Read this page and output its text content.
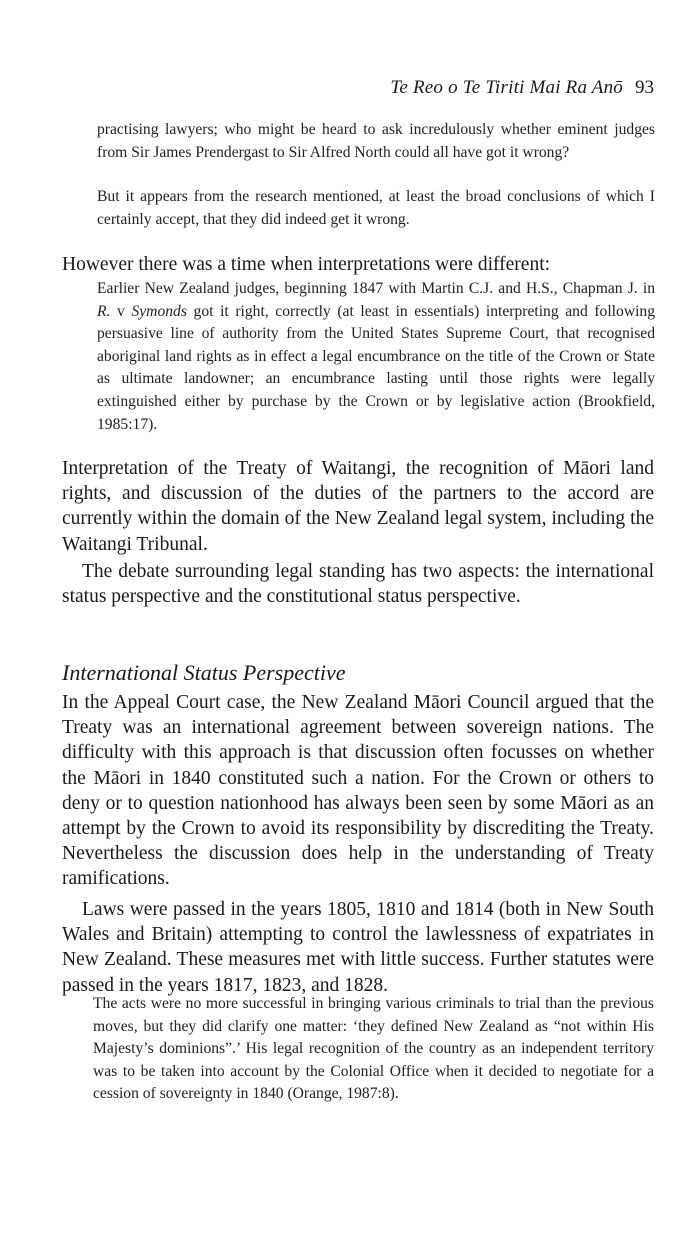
Te Reo o Te Tiriti Mai Ra Anō 93

practising lawyers; who might be heard to ask incredulously whether eminent judges from Sir James Prendergast to Sir Alfred North could all have got it wrong?

But it appears from the research mentioned, at least the broad conclusions of which I certainly accept, that they did indeed get it wrong.

However there was a time when interpretations were different:

Earlier New Zealand judges, beginning 1847 with Martin C.J. and H.S., Chapman J. in R. v Symonds got it right, correctly (at least in essentials) interpreting and following persuasive line of authority from the United States Supreme Court, that recognised aboriginal land rights as in effect a legal encumbrance on the title of the Crown or State as ultimate landowner; an encumbrance lasting until those rights were legally extinguished either by purchase by the Crown or by legislative action (Brookfield, 1985:17).

Interpretation of the Treaty of Waitangi, the recognition of Māori land rights, and discussion of the duties of the partners to the accord are currently within the domain of the New Zealand legal system, including the Waitangi Tribunal.

The debate surrounding legal standing has two aspects: the international status perspective and the constitutional status perspective.

International Status Perspective

In the Appeal Court case, the New Zealand Māori Council argued that the Treaty was an international agreement between sovereign nations. The difficulty with this approach is that discussion often focusses on whether the Māori in 1840 constituted such a nation. For the Crown or others to deny or to question nationhood has always been seen by some Māori as an attempt by the Crown to avoid its responsibility by discrediting the Treaty. Nevertheless the discussion does help in the understanding of Treaty ramifications.

Laws were passed in the years 1805, 1810 and 1814 (both in New South Wales and Britain) attempting to control the lawlessness of expatriates in New Zealand. These measures met with little success. Further statutes were passed in the years 1817, 1823, and 1828.

The acts were no more successful in bringing various criminals to trial than the previous moves, but they did clarify one matter: ‘they defined New Zealand as “not within His Majesty’s dominions”.’ His legal recognition of the country as an independent territory was to be taken into account by the Colonial Office when it decided to negotiate for a cession of sovereignty in 1840 (Orange, 1987:8).
